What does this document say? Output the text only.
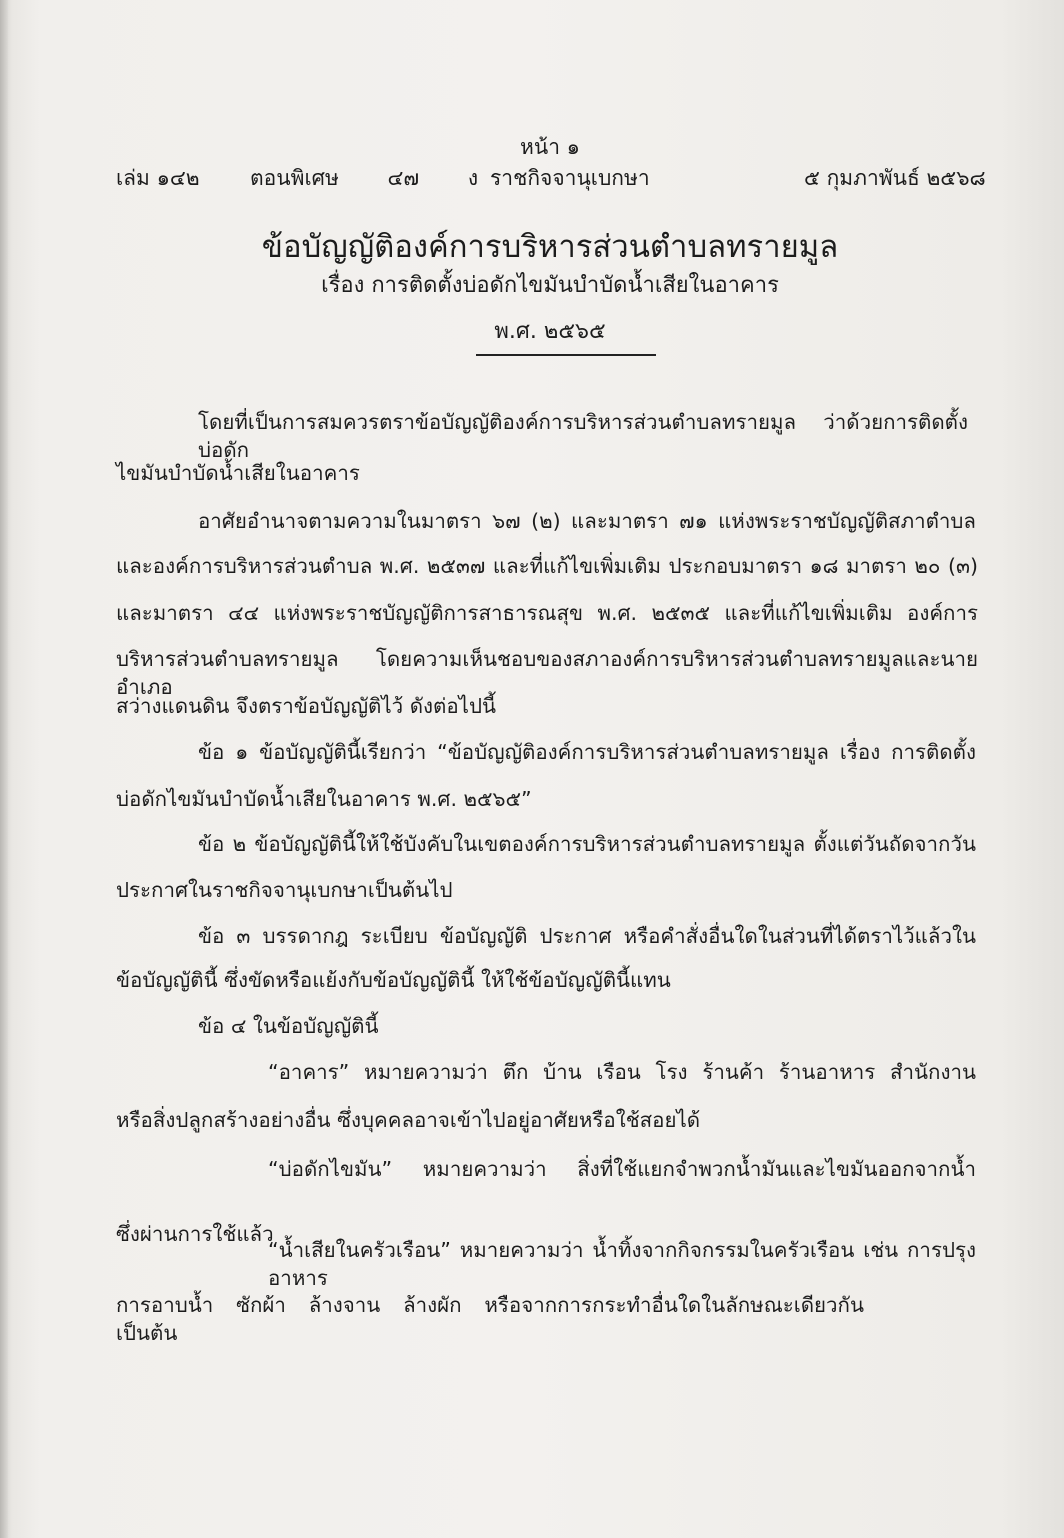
หน้า ๑
เล่ม ๑๔๒ ตอนพิเศษ ๔๗ ง ราชกิจจานุเบกษา	๕ กุมภาพันธ์ ๒๕๖๘
ข้อบัญญัติองค์การบริหารส่วนตำบลทรายมูล
เรื่อง การติดตั้งบ่อดักไขมันบำบัดน้ำเสียในอาคาร
พ.ศ. ๒๕๖๕
โดยที่เป็นการสมควรตราข้อบัญญัติองค์การบริหารส่วนตำบลทรายมูล ว่าด้วยการติดตั้งบ่อดัก
ไขมันบำบัดน้ำเสียในอาคาร
อาศัยอำนาจตามความในมาตรา ๖๗ (๒) และมาตรา ๗๑ แห่งพระราชบัญญัติสภาตำบล
และองค์การบริหารส่วนตำบล พ.ศ. ๒๕๓๗ และที่แก้ไขเพิ่มเติม ประกอบมาตรา ๑๘ มาตรา ๒๐ (๓)
และมาตรา ๔๔ แห่งพระราชบัญญัติการสาธารณสุข พ.ศ. ๒๕๓๕ และที่แก้ไขเพิ่มเติม องค์การ
บริหารส่วนตำบลทรายมูล โดยความเห็นชอบของสภาองค์การบริหารส่วนตำบลทรายมูลและนายอำเภอ
สว่างแดนดิน จึงตราข้อบัญญัติไว้ ดังต่อไปนี้
ข้อ ๑ ข้อบัญญัตินี้เรียกว่า “ข้อบัญญัติองค์การบริหารส่วนตำบลทรายมูล เรื่อง การติดตั้ง
บ่อดักไขมันบำบัดน้ำเสียในอาคาร พ.ศ. ๒๕๖๕”
ข้อ ๒ ข้อบัญญัตินี้ให้ใช้บังคับในเขตองค์การบริหารส่วนตำบลทรายมูล ตั้งแต่วันถัดจากวัน
ประกาศในราชกิจจานุเบกษาเป็นต้นไป
ข้อ ๓ บรรดากฎ ระเบียบ ข้อบัญญัติ ประกาศ หรือคำสั่งอื่นใดในส่วนที่ได้ตราไว้แล้วใน
ข้อบัญญัตินี้ ซึ่งขัดหรือแย้งกับข้อบัญญัตินี้ ให้ใช้ข้อบัญญัตินี้แทน
ข้อ ๔ ในข้อบัญญัตินี้
“อาคาร” หมายความว่า ตึก บ้าน เรือน โรง ร้านค้า ร้านอาหาร สำนักงาน
หรือสิ่งปลูกสร้างอย่างอื่น ซึ่งบุคคลอาจเข้าไปอยู่อาศัยหรือใช้สอยได้
“บ่อดักไขมัน” หมายความว่า สิ่งที่ใช้แยกจำพวกน้ำมันและไขมันออกจากน้ำ
ซึ่งผ่านการใช้แล้ว
“น้ำเสียในครัวเรือน” หมายความว่า น้ำทิ้งจากกิจกรรมในครัวเรือน เช่น การปรุงอาหาร
การอาบน้ำ ซักผ้า ล้างจาน ล้างผัก หรือจากการกระทำอื่นใดในลักษณะเดียวกัน เป็นต้น
